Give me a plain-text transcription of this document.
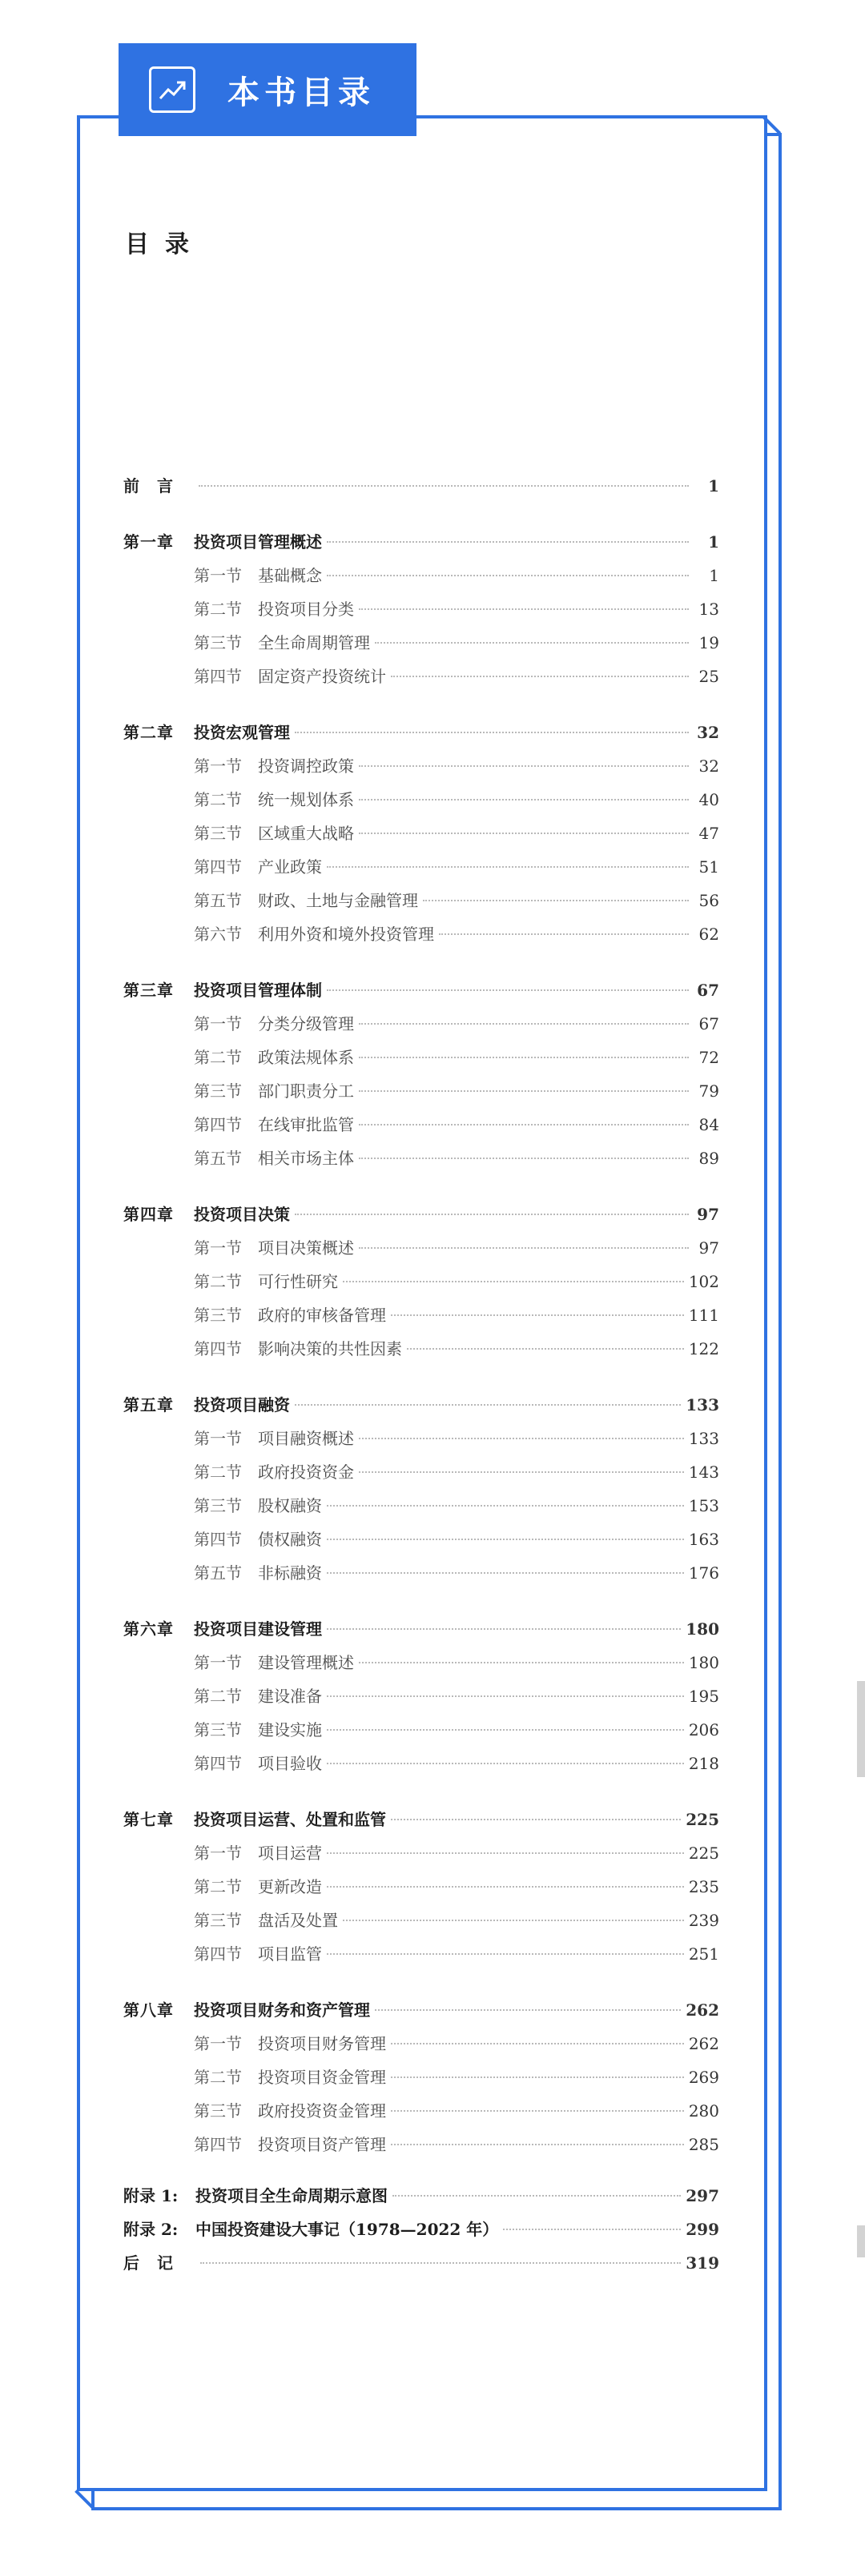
本书目录
目录
前言	1
第一章	投资项目管理概述	1
第一节	基础概念	1
第二节	投资项目分类	13
第三节	全生命周期管理	19
第四节	固定资产投资统计	25
第二章	投资宏观管理	32
第一节	投资调控政策	32
第二节	统一规划体系	40
第三节	区域重大战略	47
第四节	产业政策	51
第五节	财政、土地与金融管理	56
第六节	利用外资和境外投资管理	62
第三章	投资项目管理体制	67
第一节	分类分级管理	67
第二节	政策法规体系	72
第三节	部门职责分工	79
第四节	在线审批监管	84
第五节	相关市场主体	89
第四章	投资项目决策	97
第一节	项目决策概述	97
第二节	可行性研究	102
第三节	政府的审核备管理	111
第四节	影响决策的共性因素	122
第五章	投资项目融资	133
第一节	项目融资概述	133
第二节	政府投资资金	143
第三节	股权融资	153
第四节	债权融资	163
第五节	非标融资	176
第六章	投资项目建设管理	180
第一节	建设管理概述	180
第二节	建设准备	195
第三节	建设实施	206
第四节	项目验收	218
第七章	投资项目运营、处置和监管	225
第一节	项目运营	225
第二节	更新改造	235
第三节	盘活及处置	239
第四节	项目监管	251
第八章	投资项目财务和资产管理	262
第一节	投资项目财务管理	262
第二节	投资项目资金管理	269
第三节	政府投资资金管理	280
第四节	投资项目资产管理	285
附录 1:	投资项目全生命周期示意图	297
附录 2:	中国投资建设大事记（1978—2022 年）	299
后记	319
